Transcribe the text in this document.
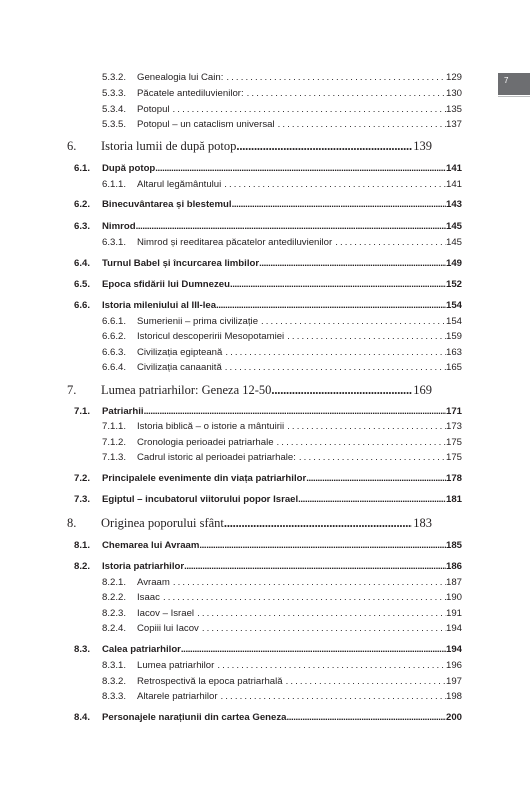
7
5.3.2.	Genealogia lui Cain: .....	129
5.3.3.	Păcatele antediluvienilor: .....	130
5.3.4.	Potopul .....	135
5.3.5.	Potopul – un cataclism universal .....	137
6.	Istoria lumii de după potop .....	139
6.1.	După potop .....	141
6.1.1.	Altarul legământului .....	141
6.2.	Binecuvântarea și blestemul .....	143
6.3.	Nimrod .....	145
6.3.1.	Nimrod și reeditarea păcatelor antediluvienilor .....	145
6.4.	Turnul Babel și încurcarea limbilor .....	149
6.5.	Epoca sfidării lui Dumnezeu .....	152
6.6.	Istoria mileniului al III-lea .....	154
6.6.1.	Sumerienii – prima civilizație .....	154
6.6.2.	Istoricul descoperirii Mesopotamiei .....	159
6.6.3.	Civilizația egipteană .....	163
6.6.4.	Civilizația canaanită .....	165
7.	Lumea patriarhilor: Geneza 12-50 .....	169
7.1.	Patriarhii .....	171
7.1.1.	Istoria biblică – o istorie a mântuirii .....	173
7.1.2.	Cronologia perioadei patriarhale .....	175
7.1.3.	Cadrul istoric al perioadei patriarhale: .....	175
7.2.	Principalele evenimente din viața patriarhilor .....	178
7.3.	Egiptul – incubatorul viitorului popor Israel .....	181
8.	Originea poporului sfânt .....	183
8.1.	Chemarea lui Avraam .....	185
8.2.	Istoria patriarhilor .....	186
8.2.1.	Avraam .....	187
8.2.2.	Isaac .....	190
8.2.3.	Iacov – Israel .....	191
8.2.4.	Copiii lui Iacov .....	194
8.3.	Calea patriarhilor .....	194
8.3.1.	Lumea patriarhilor .....	196
8.3.2.	Retrospectivă la epoca patriarhală .....	197
8.3.3.	Altarele patriarhilor .....	198
8.4.	Personajele narațiunii din cartea Geneza .....	200
